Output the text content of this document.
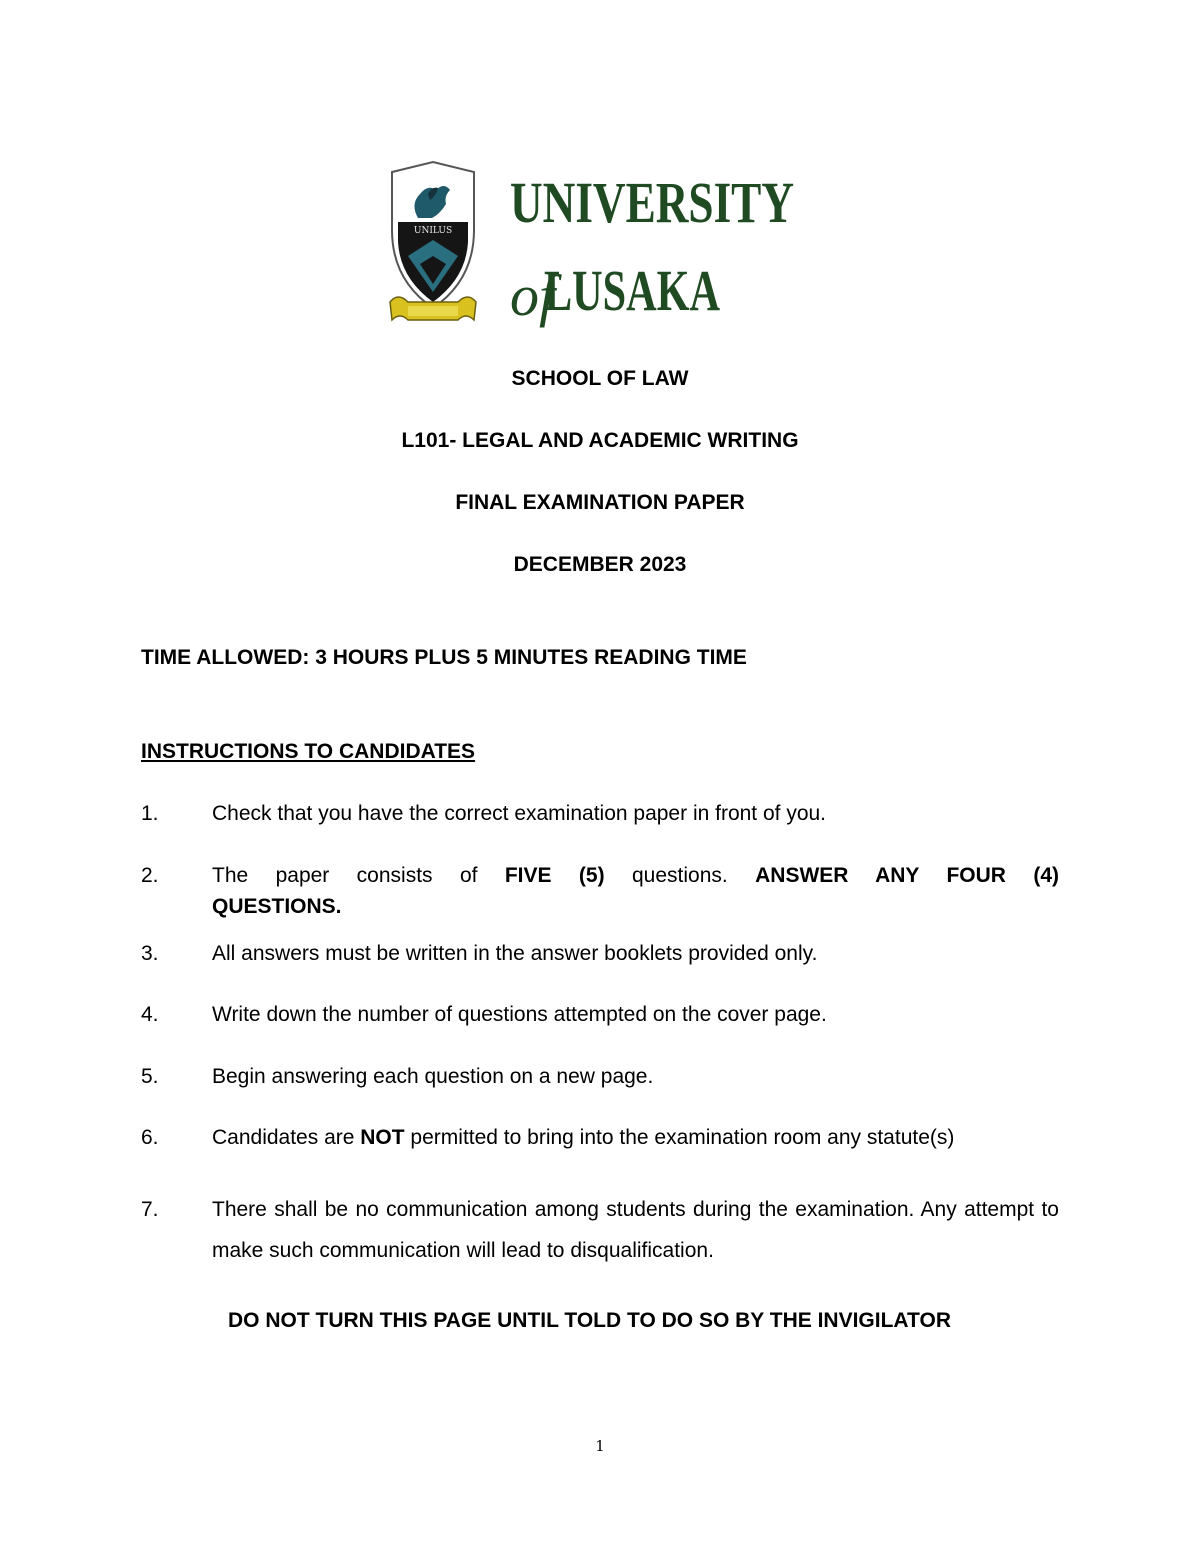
UNILUS UNIVERSITY
of
LUSAKA
SCHOOL OF LAW
L101- LEGAL AND ACADEMIC WRITING
FINAL EXAMINATION PAPER
DECEMBER 2023
TIME ALLOWED: 3 HOURS PLUS 5 MINUTES READING TIME
INSTRUCTIONS TO CANDIDATES
1.	Check that you have the correct examination paper in front of you.
2.	The paper consists of FIVE (5) questions. ANSWER ANY FOUR (4)
QUESTIONS.
3.	All answers must be written in the answer booklets provided only.
4.	Write down the number of questions attempted on the cover page.
5.	Begin answering each question on a new page.
6.	Candidates are NOT permitted to bring into the examination room any statute(s)
7.	There shall be no communication among students during the examination. Any attempt to make such communication will lead to disqualification.
DO NOT TURN THIS PAGE UNTIL TOLD TO DO SO BY THE INVIGILATOR
1
